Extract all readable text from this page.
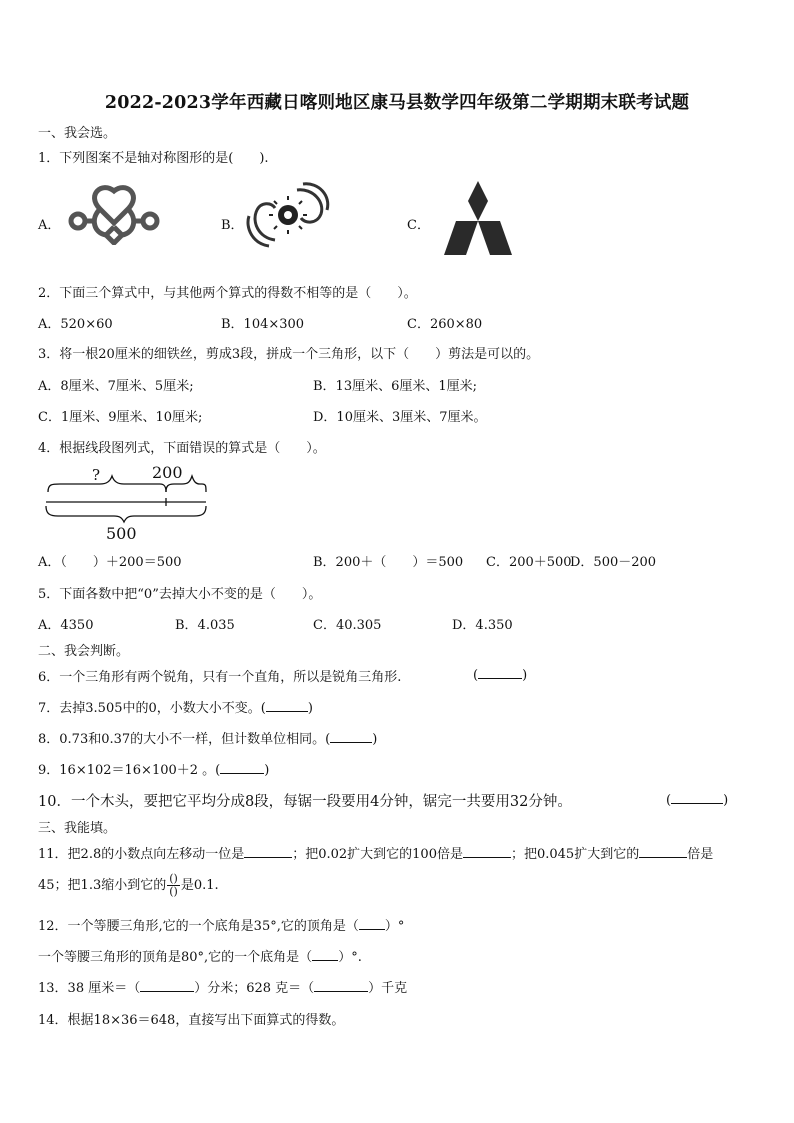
2022-2023学年西藏日喀则地区康马县数学四年级第二学期期末联考试题
一、我会选。
1．下列图案不是轴对称图形的是(　　).
A．	B．	C．
2．下面三个算式中，与其他两个算式的得数不相等的是（　　）。
A．520×60	B．104×300	C．260×80
3．将一根20厘米的细铁丝，剪成3段，拼成一个三角形，以下（　　）剪法是可以的。
A．8厘米、7厘米、5厘米;	B．13厘米、6厘米、1厘米;
C．1厘米、9厘米、10厘米;	D．10厘米、3厘米、7厘米。
4．根据线段图列式，下面错误的算式是（　　）。
?	200
500
A．（　　）＋200＝500	B．200＋（　　）＝500 C．200＋500
D．500－200
5．下面各数中把“0”去掉大小不变的是（　　）。
A．4350	B．4.035	C．40.305	D．4.350
二、我会判断。
6．一个三角形有两个锐角，只有一个直角，所以是锐角三角形.	(	)
7．去掉3.505中的0，小数大小不变。(	)
8．0.73和0.37的大小不一样，但计数单位相同。(	)
9．16×102＝16×100＋2 。(	)
10．一个木头，要把它平均分成8段，每锯一段要用4分钟，锯完一共要用32分钟。	(	)
三、我能填。
11．把2.8的小数点向左移动一位是	；把0.02扩大到它的100倍是	；把0.045扩大到它的	倍是
45；把1.3缩小到它的 $\frac{()}{()}$ 是0.1.
12．一个等腰三角形,它的一个底角是35°,它的顶角是（ ）°
一个等腰三角形的顶角是80°,它的一个底角是（ ）°.
13．38 厘米＝（	）分米；628 克＝（	）千克
14．根据18×36＝648，直接写出下面算式的得数。
